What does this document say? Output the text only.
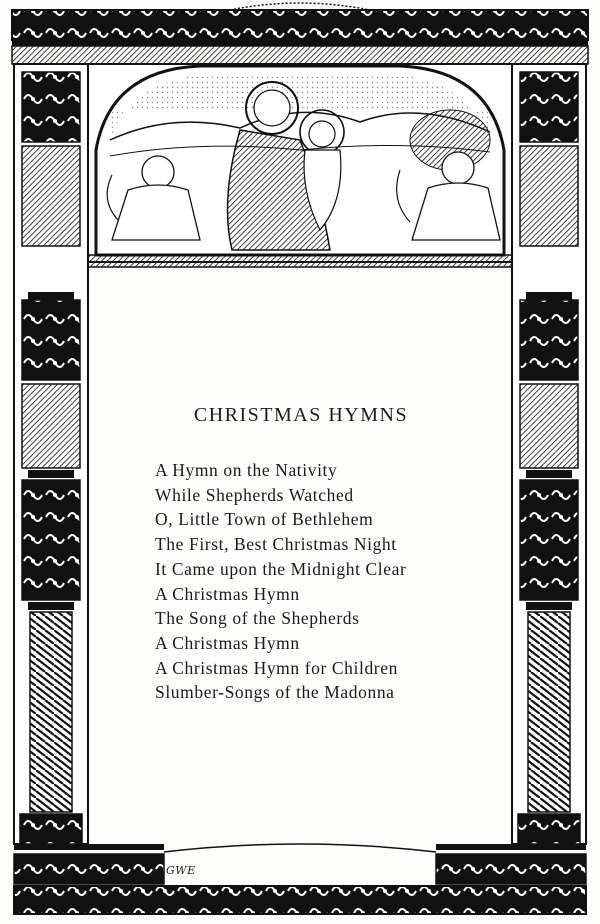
CHRISTMAS HYMNS
A Hymn on the Nativity
While Shepherds Watched
O, Little Town of Bethlehem
The First, Best Christmas Night
It Came upon the Midnight Clear
A Christmas Hymn
The Song of the Shepherds
A Christmas Hymn
A Christmas Hymn for Children
Slumber-Songs of the Madonna
GWE
